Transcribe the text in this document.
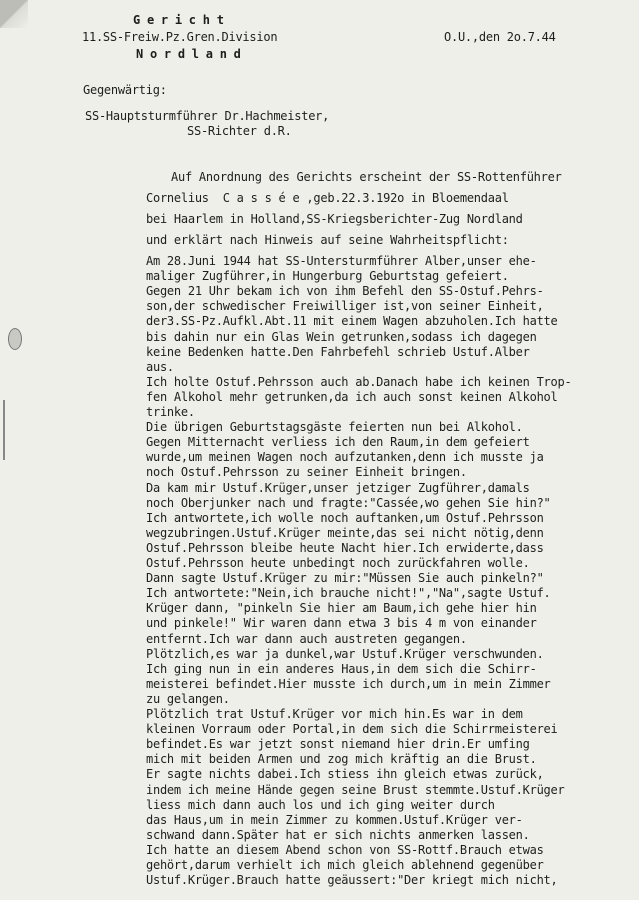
G e r i c h t
11.SS-Freiw.Pz.Gren.Division
N o r d l a n d
O.U.,den 2o.7.44
Gegenwärtig:
SS-Hauptsturmführer Dr.Hachmeister,
SS-Richter d.R.
Auf Anordnung des Gerichts erscheint der SS-Rottenführer
Cornelius  C a s s é e ,geb.22.3.192o in Bloemendaal
bei Haarlem in Holland,SS-Kriegsberichter-Zug Nordland
und erklärt nach Hinweis auf seine Wahrheitspflicht:
Am 28.Juni 1944 hat SS-Untersturmführer Alber,unser ehe-
maliger Zugführer,in Hungerburg Geburtstag gefeiert.
Gegen 21 Uhr bekam ich von ihm Befehl den SS-Ostuf.Pehrs-
son,der schwedischer Freiwilliger ist,von seiner Einheit,
der3.SS-Pz.Aufkl.Abt.11 mit einem Wagen abzuholen.Ich hatte
bis dahin nur ein Glas Wein getrunken,sodass ich dagegen
keine Bedenken hatte.Den Fahrbefehl schrieb Ustuf.Alber
aus.
Ich holte Ostuf.Pehrsson auch ab.Danach habe ich keinen Trop-
fen Alkohol mehr getrunken,da ich auch sonst keinen Alkohol
trinke.
Die übrigen Geburtstagsgäste feierten nun bei Alkohol.
Gegen Mitternacht verliess ich den Raum,in dem gefeiert
wurde,um meinen Wagen noch aufzutanken,denn ich musste ja
noch Ostuf.Pehrsson zu seiner Einheit bringen.
Da kam mir Ustuf.Krüger,unser jetziger Zugführer,damals
noch Oberjunker nach und fragte:"Cassée,wo gehen Sie hin?"
Ich antwortete,ich wolle noch auftanken,um Ostuf.Pehrsson
wegzubringen.Ustuf.Krüger meinte,das sei nicht nötig,denn
Ostuf.Pehrsson bleibe heute Nacht hier.Ich erwiderte,dass
Ostuf.Pehrsson heute unbedingt noch zurückfahren wolle.
Dann sagte Ustuf.Krüger zu mir:"Müssen Sie auch pinkeln?"
Ich antwortete:"Nein,ich brauche nicht!","Na",sagte Ustuf.
Krüger dann, "pinkeln Sie hier am Baum,ich gehe hier hin
und pinkele!" Wir waren dann etwa 3 bis 4 m von einander
entfernt.Ich war dann auch austreten gegangen.
Plötzlich,es war ja dunkel,war Ustuf.Krüger verschwunden.
Ich ging nun in ein anderes Haus,in dem sich die Schirr-
meisterei befindet.Hier musste ich durch,um in mein Zimmer
zu gelangen.
Plötzlich trat Ustuf.Krüger vor mich hin.Es war in dem
kleinen Vorraum oder Portal,in dem sich die Schirrmeisterei
befindet.Es war jetzt sonst niemand hier drin.Er umfing
mich mit beiden Armen und zog mich kräftig an die Brust.
Er sagte nichts dabei.Ich stiess ihn gleich etwas zurück,
indem ich meine Hände gegen seine Brust stemmte.Ustuf.Krüger
liess mich dann auch los und ich ging weiter durch
das Haus,um in mein Zimmer zu kommen.Ustuf.Krüger ver-
schwand dann.Später hat er sich nichts anmerken lassen.
Ich hatte an diesem Abend schon von SS-Rottf.Brauch etwas
gehört,darum verhielt ich mich gleich ablehnend gegenüber
Ustuf.Krüger.Brauch hatte geäussert:"Der kriegt mich nicht,
